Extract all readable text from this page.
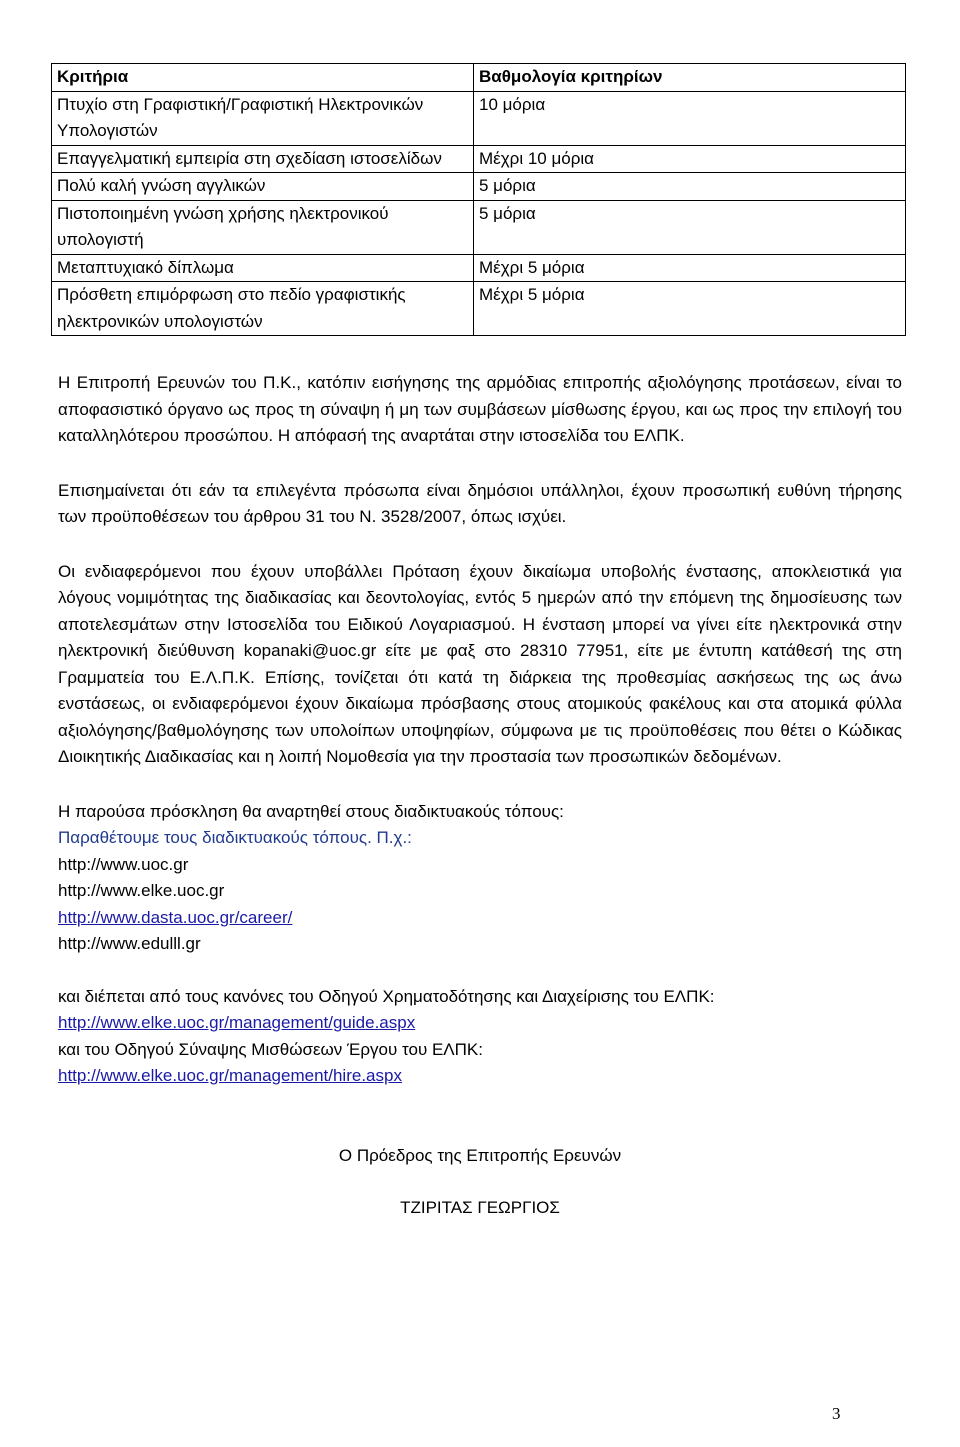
Κριτήρια	Βαθμολογία κριτηρίων
Πτυχίο στη Γραφιστική/Γραφιστική Ηλεκτρονικών Υπολογιστών	10 μόρια
Επαγγελματική εμπειρία στη σχεδίαση ιστοσελίδων	Μέχρι 10 μόρια
Πολύ καλή γνώση αγγλικών	5 μόρια
Πιστοποιημένη γνώση χρήσης ηλεκτρονικού υπολογιστή	5 μόρια
Μεταπτυχιακό δίπλωμα	Μέχρι 5 μόρια
Πρόσθετη επιμόρφωση στο πεδίο γραφιστικής ηλεκτρονικών υπολογιστών	Μέχρι 5 μόρια

Η Επιτροπή Ερευνών του Π.Κ., κατόπιν εισήγησης της αρμόδιας επιτροπής αξιολόγησης προτάσεων, είναι το αποφασιστικό όργανο ως προς τη σύναψη ή μη των συμβάσεων μίσθωσης έργου, και ως προς την επιλογή του καταλληλότερου προσώπου. Η απόφασή της αναρτάται στην ιστοσελίδα του ΕΛΠΚ.

Επισημαίνεται ότι εάν τα επιλεγέντα πρόσωπα είναι δημόσιοι υπάλληλοι, έχουν προσωπική ευθύνη τήρησης των προϋποθέσεων του άρθρου 31 του Ν. 3528/2007, όπως ισχύει.

Οι ενδιαφερόμενοι που έχουν υποβάλλει Πρόταση έχουν δικαίωμα υποβολής ένστασης, αποκλειστικά για λόγους νομιμότητας της διαδικασίας και δεοντολογίας, εντός 5 ημερών από την επόμενη της δημοσίευσης των αποτελεσμάτων στην Ιστοσελίδα του Ειδικού Λογαριασμού. Η ένσταση μπορεί να γίνει είτε ηλεκτρονικά στην ηλεκτρονική διεύθυνση kopanaki@uoc.gr είτε με φαξ στο 28310 77951, είτε με έντυπη κατάθεσή της στη Γραμματεία του Ε.Λ.Π.Κ. Επίσης, τονίζεται ότι κατά τη διάρκεια της προθεσμίας ασκήσεως της ως άνω ενστάσεως, οι ενδιαφερόμενοι έχουν δικαίωμα πρόσβασης στους ατομικούς φακέλους και στα ατομικά φύλλα αξιολόγησης/βαθμολόγησης των υπολοίπων υποψηφίων, σύμφωνα με τις προϋποθέσεις που θέτει ο Κώδικας Διοικητικής Διαδικασίας και η λοιπή Νομοθεσία για την προστασία των προσωπικών δεδομένων.

Η παρούσα πρόσκληση θα αναρτηθεί στους διαδικτυακούς τόπους:
Παραθέτουμε τους διαδικτυακούς τόπους. Π.χ.:
http://www.uoc.gr
http://www.elke.uoc.gr
http://www.dasta.uoc.gr/career/
http://www.edulll.gr

και διέπεται από τους κανόνες του Οδηγού Χρηματοδότησης και Διαχείρισης του ΕΛΠΚ:

http://www.elke.uoc.gr/management/guide.aspx
και του Οδηγού Σύναψης Μισθώσεων Έργου του ΕΛΠΚ:
http://www.elke.uoc.gr/management/hire.aspx
Ο Πρόεδρος της Επιτροπής Ερευνών
ΤΖΙΡΙΤΑΣ ΓΕΩΡΓΙΟΣ
3
